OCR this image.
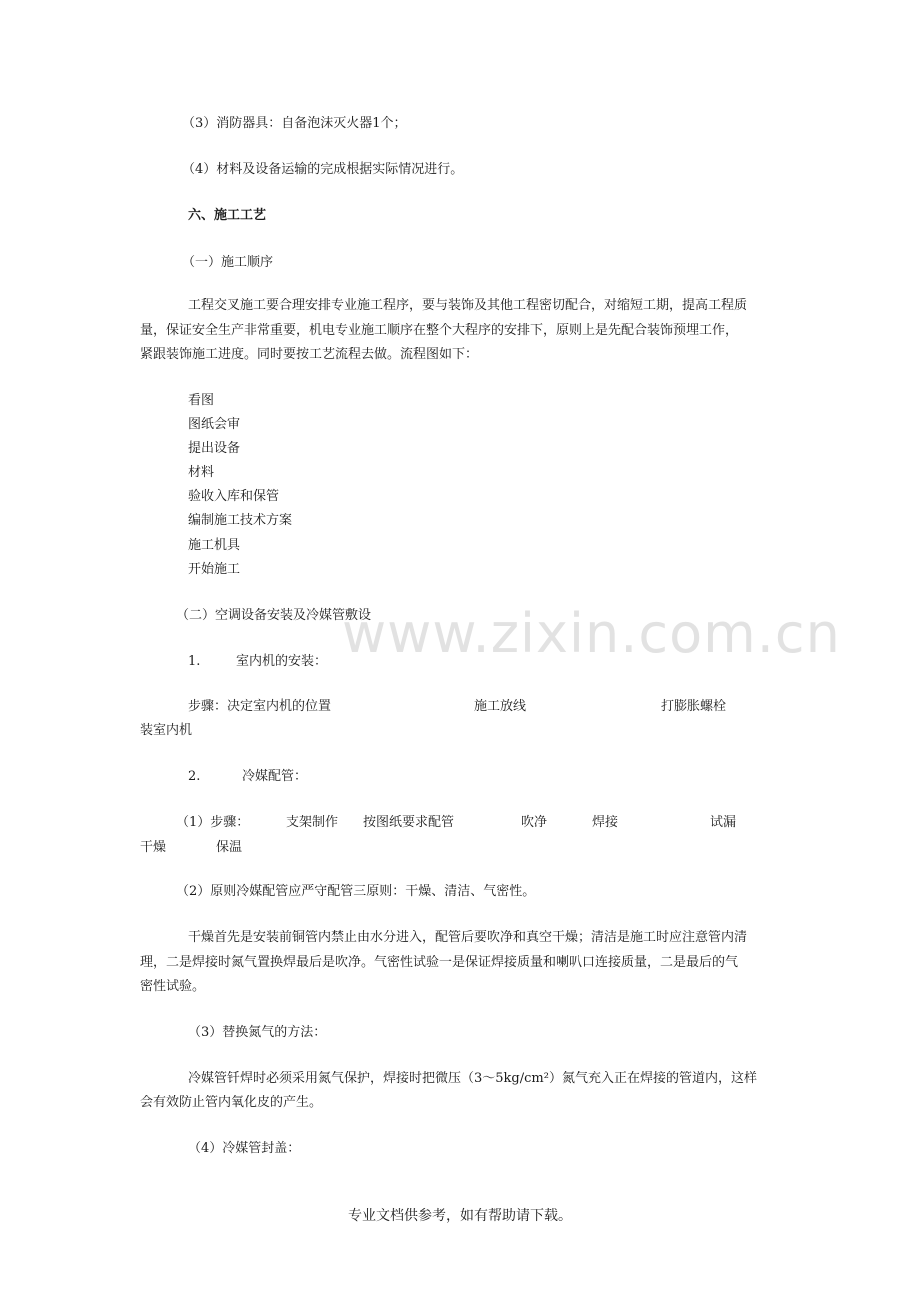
www.zixin.com.cn
（3）消防器具：自备泡沫灭火器1个；
（4）材料及设备运输的完成根据实际情况进行。
六、施工工艺
（一）施工顺序
工程交叉施工要合理安排专业施工程序，要与装饰及其他工程密切配合，对缩短工期，提高工程质
量，保证安全生产非常重要，机电专业施工顺序在整个大程序的安排下，原则上是先配合装饰预埋工作，
紧跟装饰施工进度。同时要按工艺流程去做。流程图如下：
看图
图纸会审
提出设备
材料
验收入库和保管
编制施工技术方案
施工机具
开始施工
（二）空调设备安装及冷媒管敷设
1.	室内机的安装：
步骤：决定室内机的位置	施工放线	打膨胀螺栓
装室内机
2.	冷媒配管：
（1）步骤：	支架制作 按图纸要求配管	吹净	焊接	试漏
干燥	保温
（2）原则冷媒配管应严守配管三原则：干燥、清洁、气密性。
干燥首先是安装前铜管内禁止由水分进入，配管后要吹净和真空干燥；清洁是施工时应注意管内清
理，二是焊接时氮气置换焊最后是吹净。气密性试验一是保证焊接质量和喇叭口连接质量，二是最后的气
密性试验。
（3）替换氮气的方法：
冷媒管钎焊时必须采用氮气保护，焊接时把微压（3～5kg/cm²）氮气充入正在焊接的管道内，这样
会有效防止管内氧化皮的产生。
（4）冷媒管封盖：
专业文档供参考，如有帮助请下载。
